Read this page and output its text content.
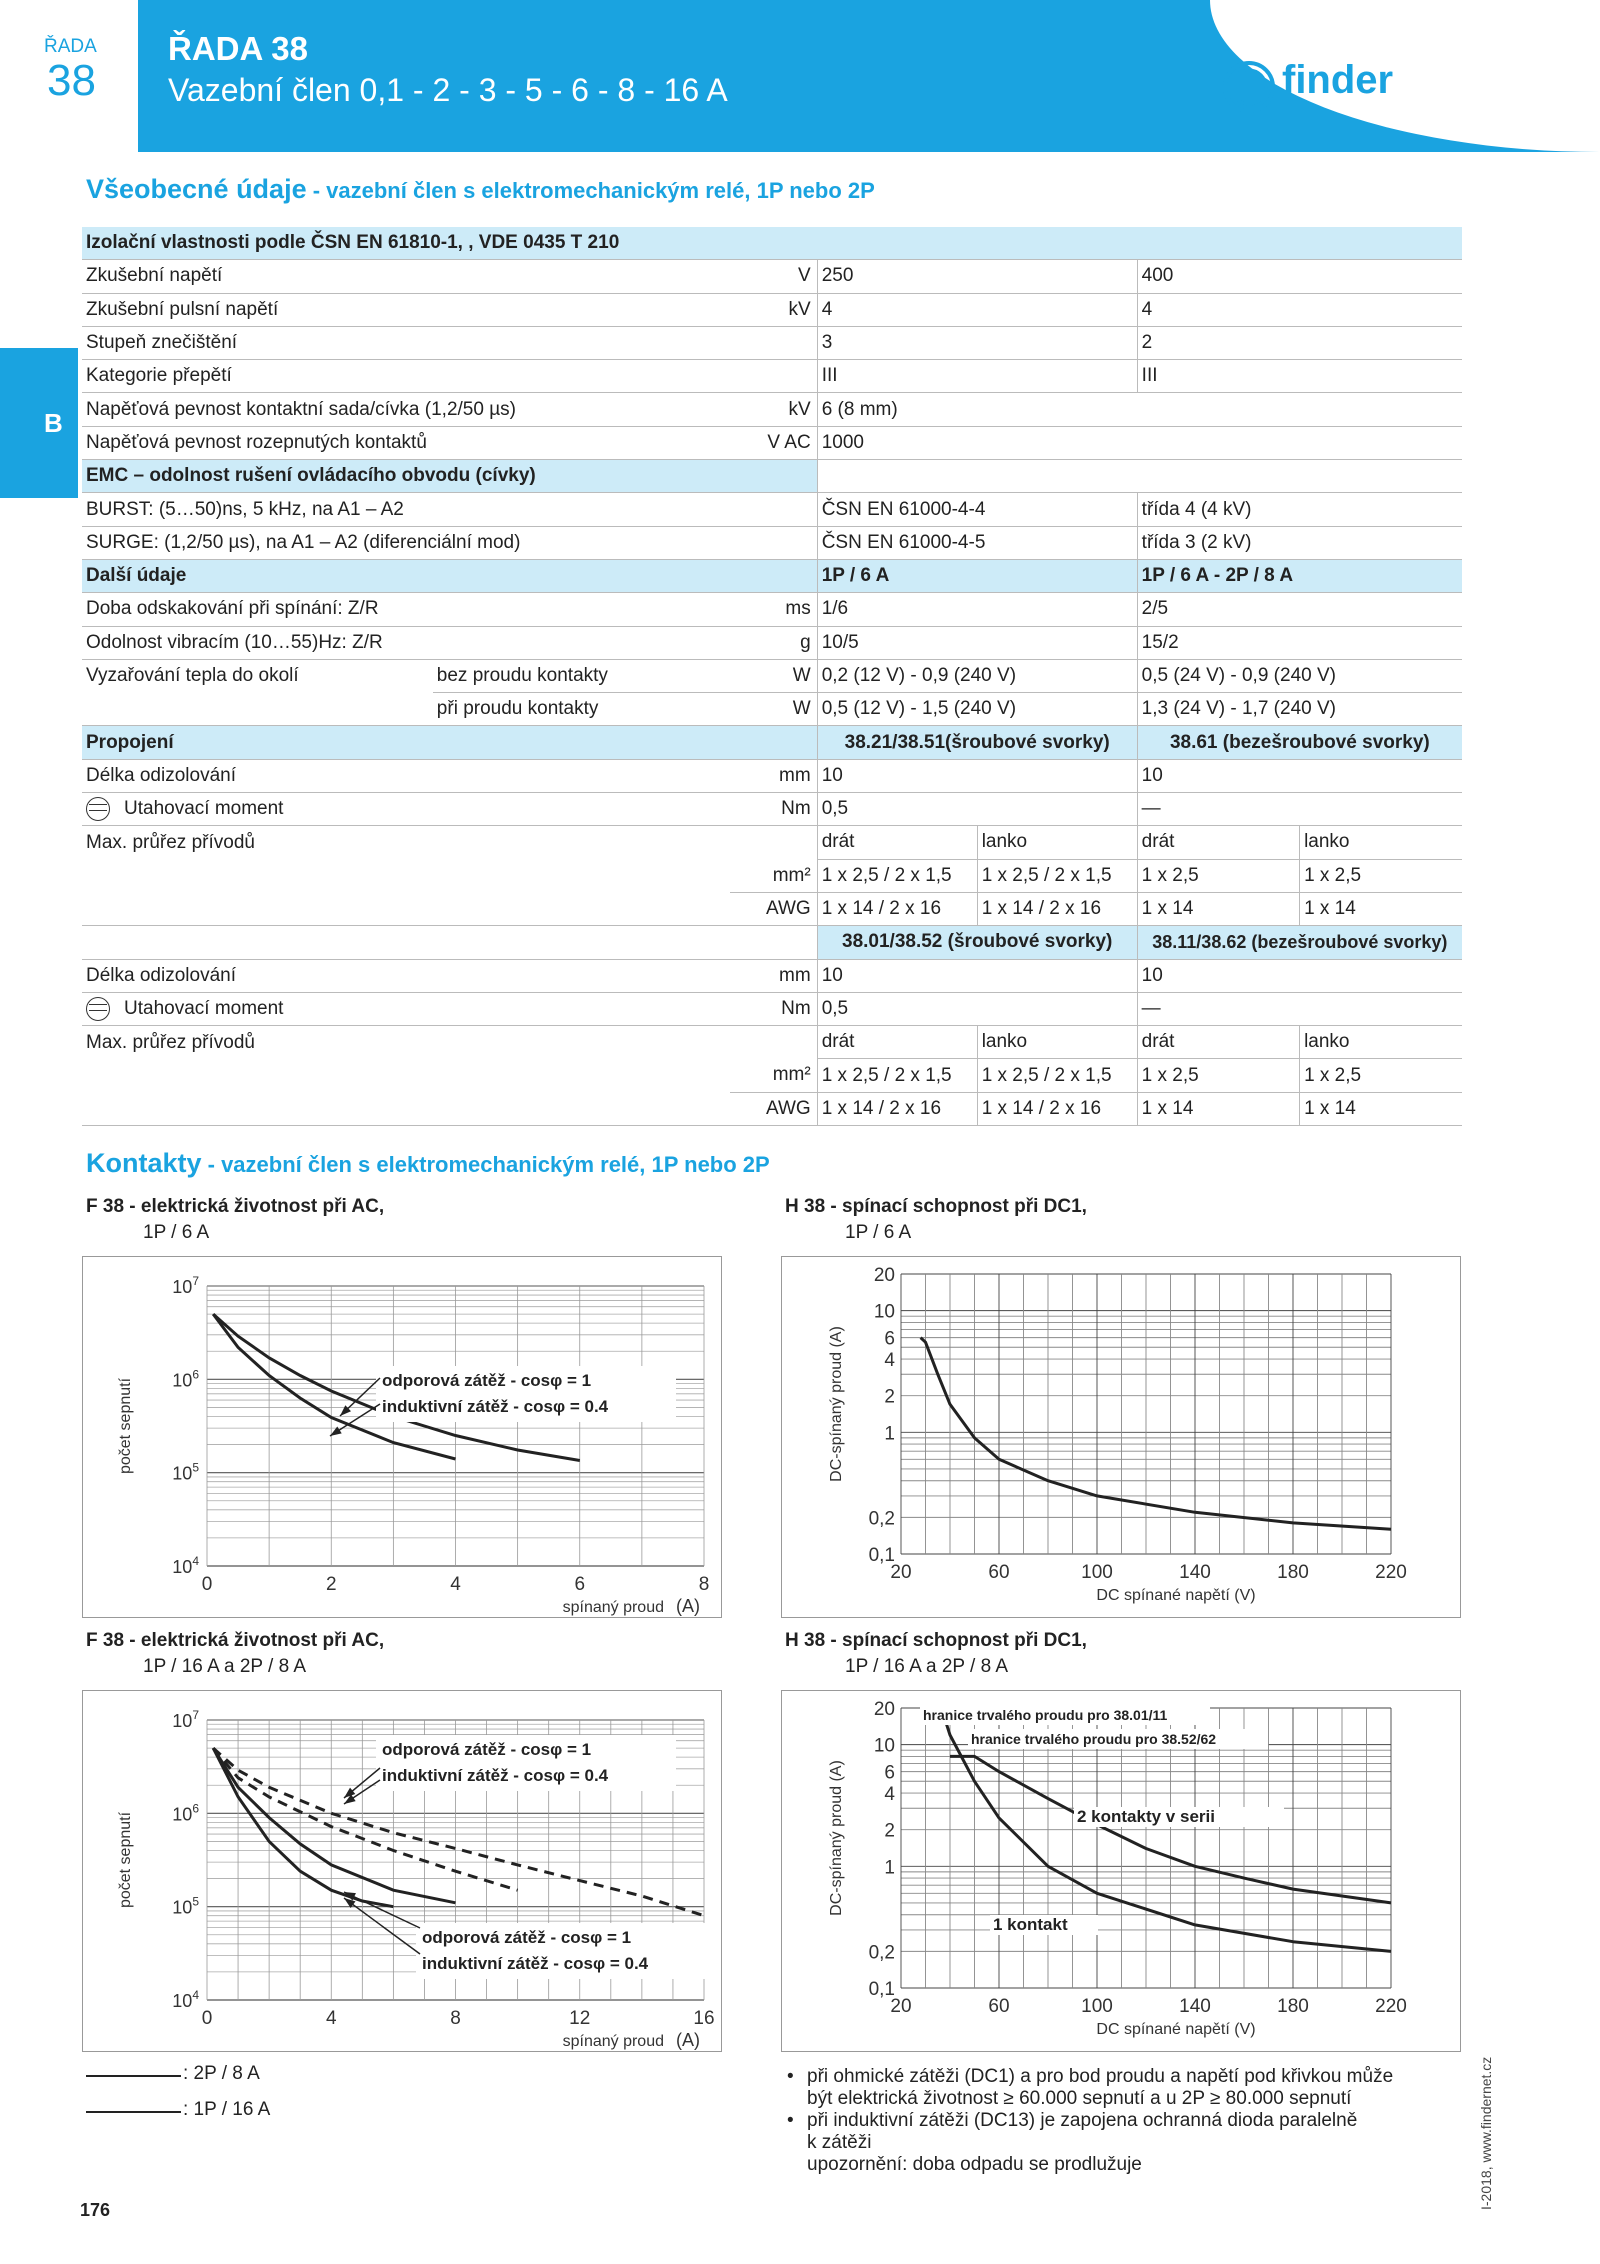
ŘADA
38
ŘADA 38
Vazební člen 0,1 - 2 - 3 - 5 - 6 - 8 - 16 A	finder
B
Všeobecné údaje - vazební člen s elektromechanickým relé, 1P nebo 2P
Izolační vlastnosti podle ČSN EN 61810-1, , VDE 0435 T 210						
Zkušební napětí		V	250		400	
Zkušební pulsní napětí		kV	4		4	
Stupeň znečištění			3		2	
Kategorie přepětí			III		III	
Napěťová pevnost kontaktní sada/cívka (1,2/50 µs)		kV	6 (8 mm)			
Napěťová pevnost rozepnutých kontaktů		V AC	1000			
EMC – odolnost rušení ovládacího obvodu (cívky)						
BURST: (5…50)ns, 5 kHz, na A1 – A2			ČSN EN 61000-4-4		třída 4 (4 kV)	
SURGE: (1,2/50 µs), na A1 – A2 (diferenciální mod)			ČSN EN 61000-4-5		třída 3 (2 kV)	
Další údaje			1P / 6 A		1P / 6 A - 2P / 8 A	
Doba odskakování při spínání: Z/R		ms	1/6		2/5	
Odolnost vibracím (10…55)Hz: Z/R		g	10/5		15/2	
Vyzařování tepla do okolí	bez proudu kontakty	W	0,2 (12 V) - 0,9 (240 V)		0,5 (24 V) - 0,9 (240 V)	
	při proudu kontakty	W	0,5 (12 V) - 1,5 (240 V)		1,3 (24 V) - 1,7 (240 V)	
Propojení			38.21/38.51(šroubové svorky)		38.61 (bezešroubové svorky)	
Délka odizolování		mm	10		10	
Utahovací moment		Nm	0,5		—	
Max. průřez přívodů			drát	lanko	drát	lanko
		mm²	1 x 2,5 / 2 x 1,5	1 x 2,5 / 2 x 1,5	1 x 2,5	1 x 2,5
		AWG	1 x 14 / 2 x 16	1 x 14 / 2 x 16	1 x 14	1 x 14
			38.01/38.52 (šroubové svorky)		38.11/38.62 (bezešroubové svorky)	
Délka odizolování		mm	10		10	
Utahovací moment		Nm	0,5		—	
Max. průřez přívodů			drát	lanko	drát	lanko
		mm²	1 x 2,5 / 2 x 1,5	1 x 2,5 / 2 x 1,5	1 x 2,5	1 x 2,5
		AWG	1 x 14 / 2 x 16	1 x 14 / 2 x 16	1 x 14	1 x 14
Kontakty - vazební člen s elektromechanickým relé, 1P nebo 2P
F 38 - elektrická životnost při AC,
1P / 6 A
H 38 - spínací schopnost při DC1,
1P / 6 A
F 38 - elektrická životnost při AC,
1P / 16 A a 2P / 8 A
H 38 - spínací schopnost při DC1,
1P / 16 A a 2P / 8 A
0	2	4	6	8
$10^4$
$10^5$
$10^6$
$10^7$
spínaný proud (A)
počet sepnutí	odporová zátěž - cosφ = 1
induktivní zátěž - cosφ = 0.4
20	60	100	140	180	220
0,1
0,2
1
2
4
6
10
20
DC spínané napětí (V)
DC-spínaný proud (A)
0	4	8	12	16
$10^4$
$10^5$
$10^6$
$10^7$
spínaný proud (A)
počet sepnutí
odporová zátěž - cosφ = 1
induktivní zátěž - cosφ = 0.4
odporová zátěž - cosφ = 1
induktivní zátěž - cosφ = 0.4
20	60	100	140	180	220
0,1
0,2
1
2
4
6
10
20
DC spínané napětí (V)
DC-spínaný proud (A)
hranice trvalého proudu pro 38.01/11
hranice trvalého proudu pro 38.52/62
2 kontakty v serii
1 kontakt
: 2P / 8 A
: 1P / 16 A
• při ohmické zátěži (DC1) a pro bod proudu a napětí pod křivkou může
být elektrická životnost ≥ 60.000 sepnutí a u 2P ≥ 80.000 sepnutí
• při induktivní zátěži (DC13) je zapojena ochranná dioda paralelně
k zátěži
upozornění: doba odpadu se prodlužuje
176	I-2018, www.findernet.cz
